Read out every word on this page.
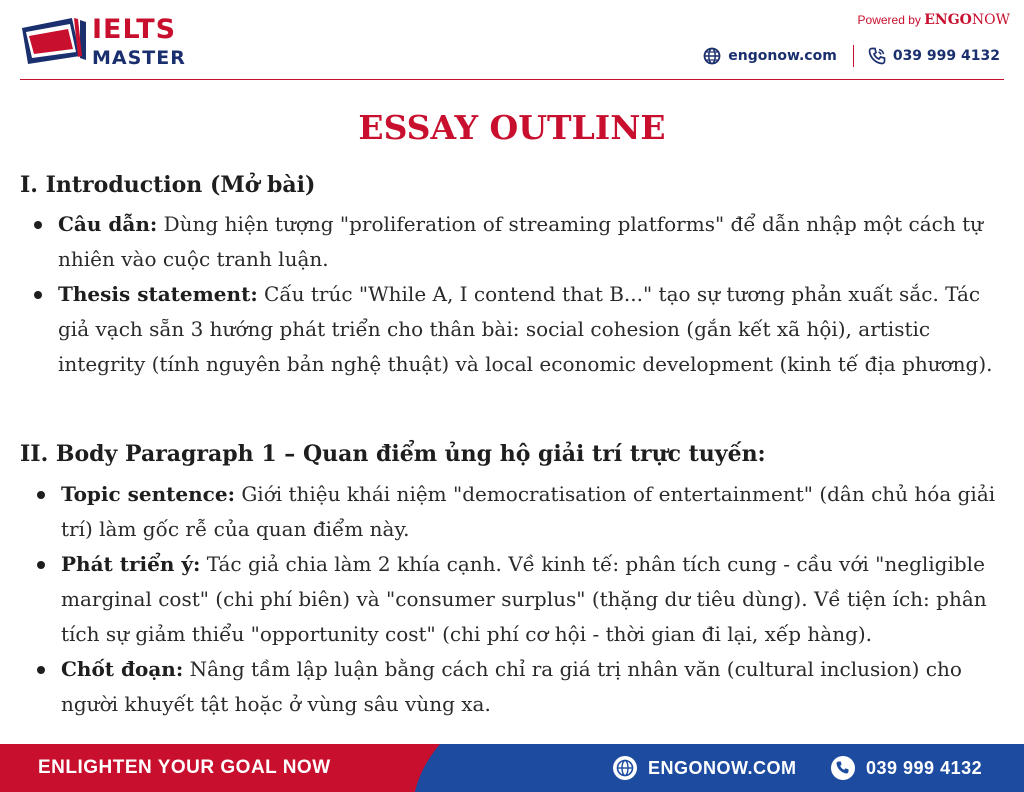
IELTS
MASTER
Powered by ENGONOW
engonow.com	039 999 4132
ESSAY OUTLINE
I. Introduction (Mở bài)
Câu dẫn: Dùng hiện tượng "proliferation of streaming platforms" để dẫn nhập một cách tự nhiên vào cuộc tranh luận.
Thesis statement: Cấu trúc "While A, I contend that B..." tạo sự tương phản xuất sắc. Tác giả vạch sẵn 3 hướng phát triển cho thân bài: social cohesion (gắn kết xã hội), artistic integrity (tính nguyên bản nghệ thuật) và local economic development (kinh tế địa phương).
II. Body Paragraph 1 – Quan điểm ủng hộ giải trí trực tuyến:
Topic sentence: Giới thiệu khái niệm "democratisation of entertainment" (dân chủ hóa giải trí) làm gốc rễ của quan điểm này.
Phát triển ý: Tác giả chia làm 2 khía cạnh. Về kinh tế: phân tích cung - cầu với "negligible marginal cost" (chi phí biên) và "consumer surplus" (thặng dư tiêu dùng). Về tiện ích: phân tích sự giảm thiểu "opportunity cost" (chi phí cơ hội - thời gian đi lại, xếp hàng).
Chốt đoạn: Nâng tầm lập luận bằng cách chỉ ra giá trị nhân văn (cultural inclusion) cho người khuyết tật hoặc ở vùng sâu vùng xa.
ENLIGHTEN YOUR GOAL NOW	ENGONOW.COM	039 999 4132
